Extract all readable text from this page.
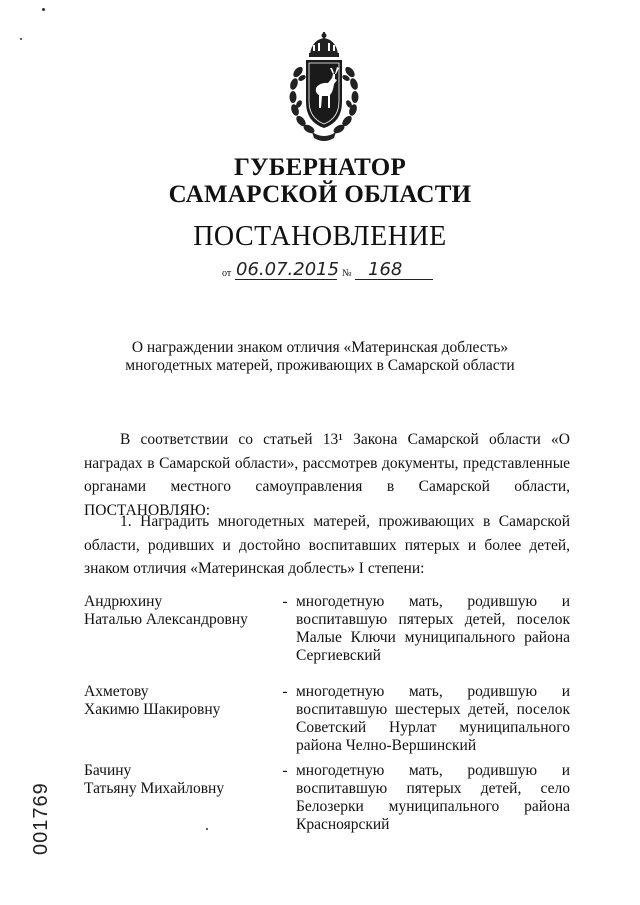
ГУБЕРНАТОР
САМАРСКОЙ ОБЛАСТИ
ПОСТАНОВЛЕНИЕ
от 06.07.2015 № 168
О награждении знаком отличия «Материнская доблесть»
многодетных матерей, проживающих в Самарской области
В соответствии со статьей 13¹ Закона Самарской области «О наградах в Самарской области», рассмотрев документы, представленные органами местного самоуправления в Самарской области, ПОСТАНОВЛЯЮ:
1. Наградить многодетных матерей, проживающих в Самарской области, родивших и достойно воспитавших пятерых и более детей, знаком отличия «Материнская доблесть» I степени:
Андрюхину
Наталью Александровну
- многодетную мать, родившую и воспитавшую пятерых детей, поселок Малые Ключи муниципального района Сергиевский
Ахметову
Хакимю Шакировну
- многодетную мать, родившую и воспитавшую шестерых детей, поселок Советский Нурлат муниципального района Челно-Вершинский
Бачину
Татьяну Михайловну
- многодетную мать, родившую и воспитавшую пятерых детей, село Белозерки муниципального района Красноярский
001769
